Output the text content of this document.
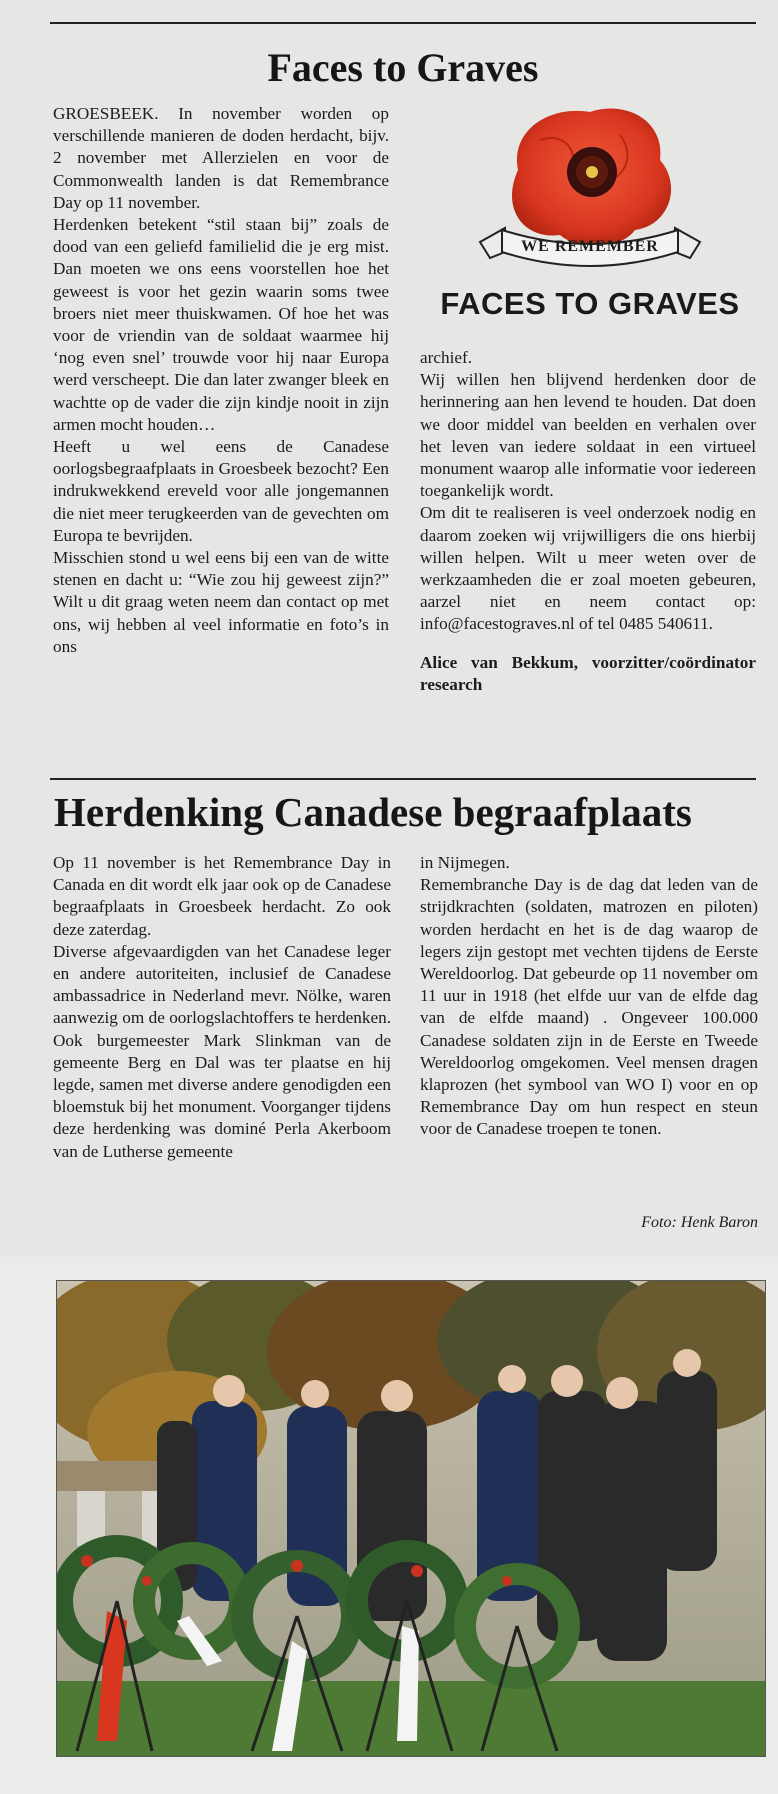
Faces to Graves

GROESBEEK. In november worden op verschillende manieren de doden herdacht, bijv. 2 november met Allerzielen en voor de Commonwealth landen is dat Remembrance Day op 11 november.

Herdenken betekent “stil staan bij” zoals de dood van een geliefd familielid die je erg mist. Dan moeten we ons eens voorstellen hoe het geweest is voor het gezin waarin soms twee broers niet meer thuiskwamen. Of hoe het was voor de vriendin van de soldaat waarmee hij ‘nog even snel’ trouwde voor hij naar Europa werd verscheept. Die dan later zwanger bleek en wachtte op de vader die zijn kindje nooit in zijn armen mocht houden…

Heeft u wel eens de Canadese oorlogsbegraafplaats in Groesbeek bezocht? Een indrukwekkend ereveld voor alle jongemannen die niet meer terugkeerden van de gevechten om Europa te bevrijden.

Misschien stond u wel eens bij een van de witte stenen en dacht u: “Wie zou hij geweest zijn?” Wilt u dit graag weten neem dan contact op met ons, wij hebben al veel informatie en foto’s in ons

WE REMEMBER
FACES TO GRAVES

archief.

Wij willen hen blijvend herdenken door de herinnering aan hen levend te houden. Dat doen we door middel van beelden en verhalen over het leven van iedere soldaat in een virtueel monument waarop alle informatie voor iedereen toegankelijk wordt.

Om dit te realiseren is veel onderzoek nodig en daarom zoeken wij vrijwilligers die ons hierbij willen helpen. Wilt u meer weten over de werkzaamheden die er zoal moeten gebeuren, aarzel niet en neem contact op: info@facestograves.nl of tel 0485 540611.

Alice van Bekkum, voorzitter/coördinator research

Herdenking Canadese begraafplaats

Op 11 november is het Remembrance Day in Canada en dit wordt elk jaar ook op de Canadese begraafplaats in Groesbeek herdacht. Zo ook deze zaterdag.

Diverse afgevaardigden van het Canadese leger en andere autoriteiten, inclusief de Canadese ambassadrice in Nederland mevr. Nölke, waren aanwezig om de oorlogslachtoffers te herdenken. Ook burgemeester Mark Slinkman van de gemeente Berg en Dal was ter plaatse en hij legde, samen met diverse andere genodigden een bloemstuk bij het monument. Voorganger tijdens deze herdenking was dominé Perla Akerboom van de Lutherse gemeente

in Nijmegen.

Remembranche Day is de dag dat leden van de strijdkrachten (soldaten, matrozen en piloten) worden herdacht en het is de dag waarop de legers zijn gestopt met vechten tijdens de Eerste Wereldoorlog. Dat gebeurde op 11 november om 11 uur in 1918 (het elfde uur van de elfde dag van de elfde maand) . Ongeveer 100.000 Canadese soldaten zijn in de Eerste en Tweede Wereldoorlog omgekomen. Veel mensen dragen klaprozen (het symbool van WO I) voor en op Remembrance Day om hun respect en steun voor de Canadese troepen te tonen.

Foto: Henk Baron
